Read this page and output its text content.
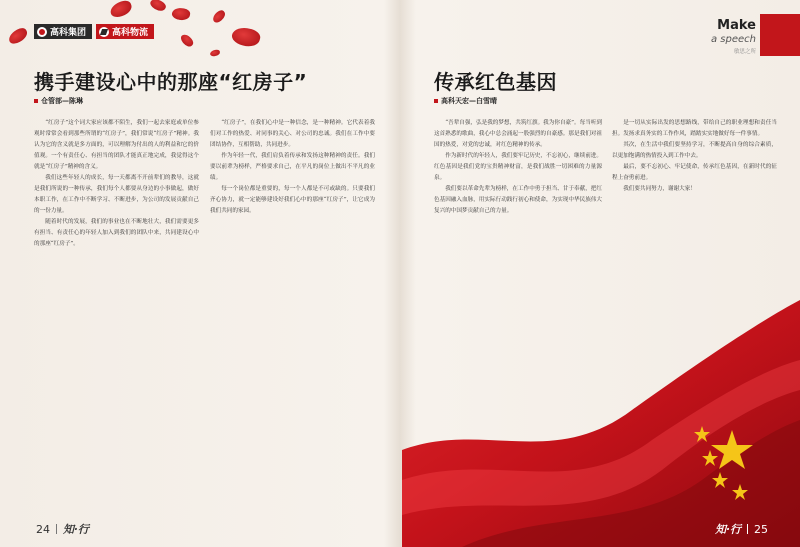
高科集团	高科物流
携手建设心中的那座“红房子”
仓管部—陈琳

“红房子”这个词大家应该都不陌生，我们一起去家庭或单位参观时常常会看到那些所谓的“红房子”，我们常说“红房子”精神。我认为它的含义就是多方面的，可以理解为付出的人的利益和它的价值观。一个有责任心、有担当的团队才能真正地完成，我觉得这个就是“红房子”精神的含义。

我们这些年轻人的成长，每一天都离不开前辈们的教导，这就是我们所说的一种传承，我们每个人都要从身边的小事做起，做好本职工作，在工作中不断学习、不断进步，为公司的发展贡献自己的一份力量。

随着时代的发展，我们的事业也在不断地壮大，我们需要更多有担当、有责任心的年轻人加入到我们的团队中来，共同建设心中的那座“红房子”。

“红房子”，在我们心中是一种信念，是一种精神。它代表着我们对工作的热爱、对同事的关心、对公司的忠诚。我们在工作中要团结协作，互相帮助，共同进步。

作为年轻一代，我们肩负着传承和发扬这种精神的责任。我们要以前辈为榜样，严格要求自己，在平凡的岗位上做出不平凡的业绩。

每一个岗位都是重要的，每一个人都是不可或缺的。只要我们齐心协力，就一定能够建设好我们心中的那座“红房子”，让它成为我们共同的家园。

24 知·行
Make
a speech
敏思之所
传承红色基因
高科天宏—白雪晴

“吾辈自强，弘是我的梦想，共筑红旗。我为你自豪”。每当听到这首熟悉的歌曲，我心中总会涌起一股强烈的自豪感。那是我们对祖国的热爱，对党的忠诚，对红色精神的传承。

作为新时代的年轻人，我们要牢记历史，不忘初心，继续前进。红色基因是我们党的宝贵精神财富，是我们战胜一切困难的力量源泉。

我们要以革命先辈为榜样，在工作中勇于担当、甘于奉献，把红色基因融入血脉，用实际行动践行初心和使命，为实现中华民族伟大复兴的中国梦贡献自己的力量。

是一切从实际出发的思想路线，带给自己的职业理想和责任当担。发扬求真务实的工作作风，踏踏实实地做好每一件事情。

其次，在生活中我们要坚持学习，不断提高自身的综合素质，以更加饱满的热情投入到工作中去。

最后，要不忘初心、牢记使命，传承红色基因，在新时代的征程上奋勇前进。

我们要共同努力，谢谢大家！

知·行 25
